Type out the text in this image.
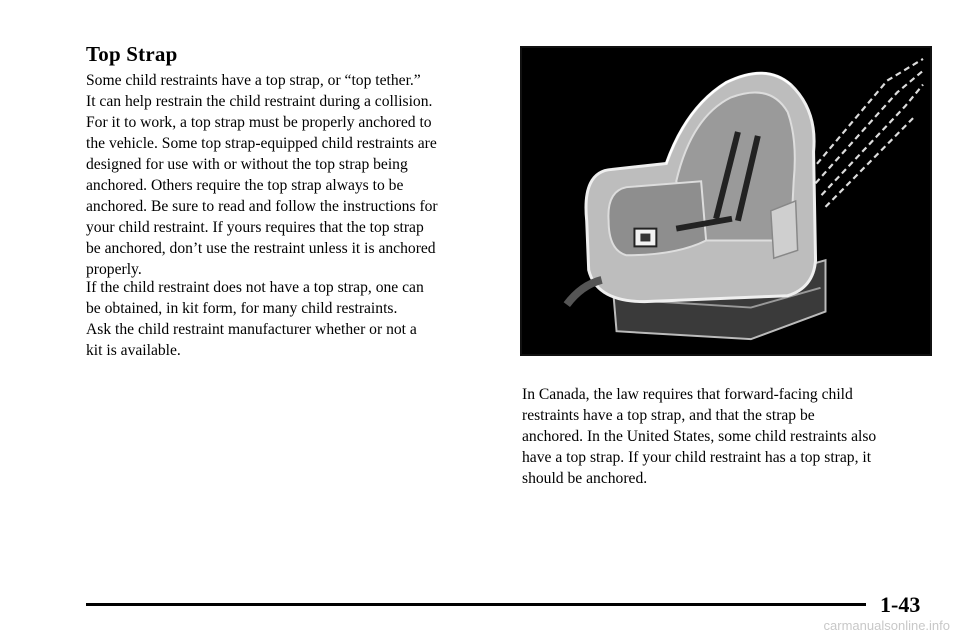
Top Strap
Some child restraints have a top strap, or “top tether.”
It can help restrain the child restraint during a collision.
For it to work, a top strap must be properly anchored to
the vehicle. Some top strap-equipped child restraints are
designed for use with or without the top strap being
anchored. Others require the top strap always to be
anchored. Be sure to read and follow the instructions for
your child restraint. If yours requires that the top strap
be anchored, don’t use the restraint unless it is anchored
properly.
If the child restraint does not have a top strap, one can
be obtained, in kit form, for many child restraints.
Ask the child restraint manufacturer whether or not a
kit is available.
In Canada, the law requires that forward-facing child
restraints have a top strap, and that the strap be
anchored. In the United States, some child restraints also
have a top strap. If your child restraint has a top strap, it
should be anchored.
1-43
carmanualsonline.info
